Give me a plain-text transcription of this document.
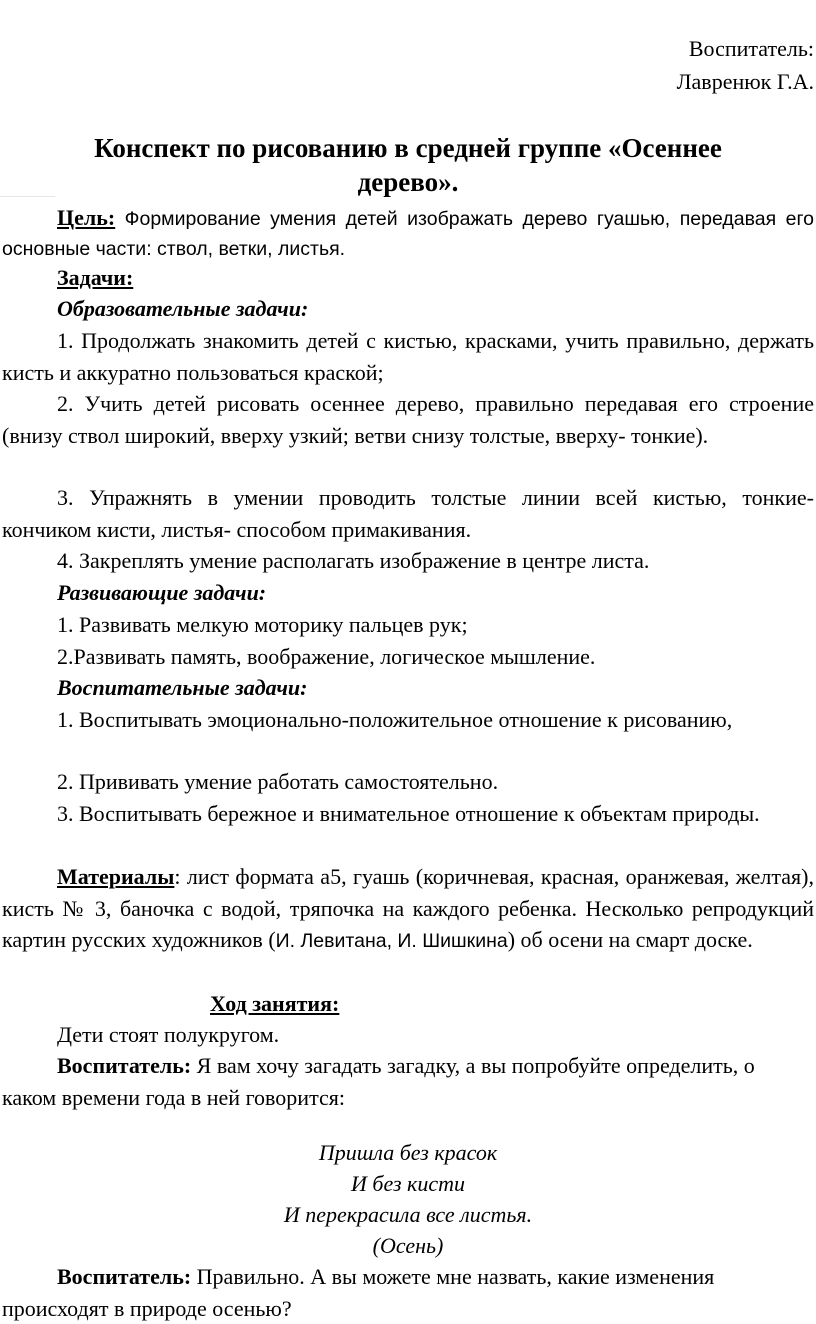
Воспитатель:
Лавренюк Г.А.
Конспект по рисованию в средней группе «Осеннее
дерево».
Цель: Формирование умения детей изображать дерево гуашью, передавая его основные части: ствол, ветки, листья.
Задачи:
Образовательные задачи:
1. Продолжать знакомить детей с кистью, красками, учить правильно, держать кисть и аккуратно пользоваться краской;
2. Учить детей рисовать осеннее дерево, правильно передавая его строение (внизу ствол широкий, вверху узкий; ветви снизу толстые, вверху- тонкие).
3. Упражнять в умении проводить толстые линии всей кистью, тонкие- кончиком кисти, листья- способом примакивания.
4. Закреплять умение располагать изображение в центре листа.
Развивающие задачи:
1. Развивать мелкую моторику пальцев рук;
2.Развивать память, воображение, логическое мышление.
Воспитательные задачи:
1. Воспитывать эмоционально-положительное отношение к рисованию,
2. Прививать умение работать самостоятельно.
3. Воспитывать бережное и внимательное отношение к объектам природы.
Материалы: лист формата а5, гуашь (коричневая, красная, оранжевая, желтая), кисть № 3, баночка с водой, тряпочка на каждого ребенка. Несколько репродукций картин русских художников (И. Левитана, И. Шишкина) об осени на смарт доске.
Ход занятия:
Дети стоят полукругом.
Воспитатель: Я вам хочу загадать загадку, а вы попробуйте определить, о каком времени года в ней говорится:
Пришла без красок
И без кисти
И перекрасила все листья.
(Осень)
Воспитатель: Правильно. А вы можете мне назвать, какие изменения происходят в природе осенью?
